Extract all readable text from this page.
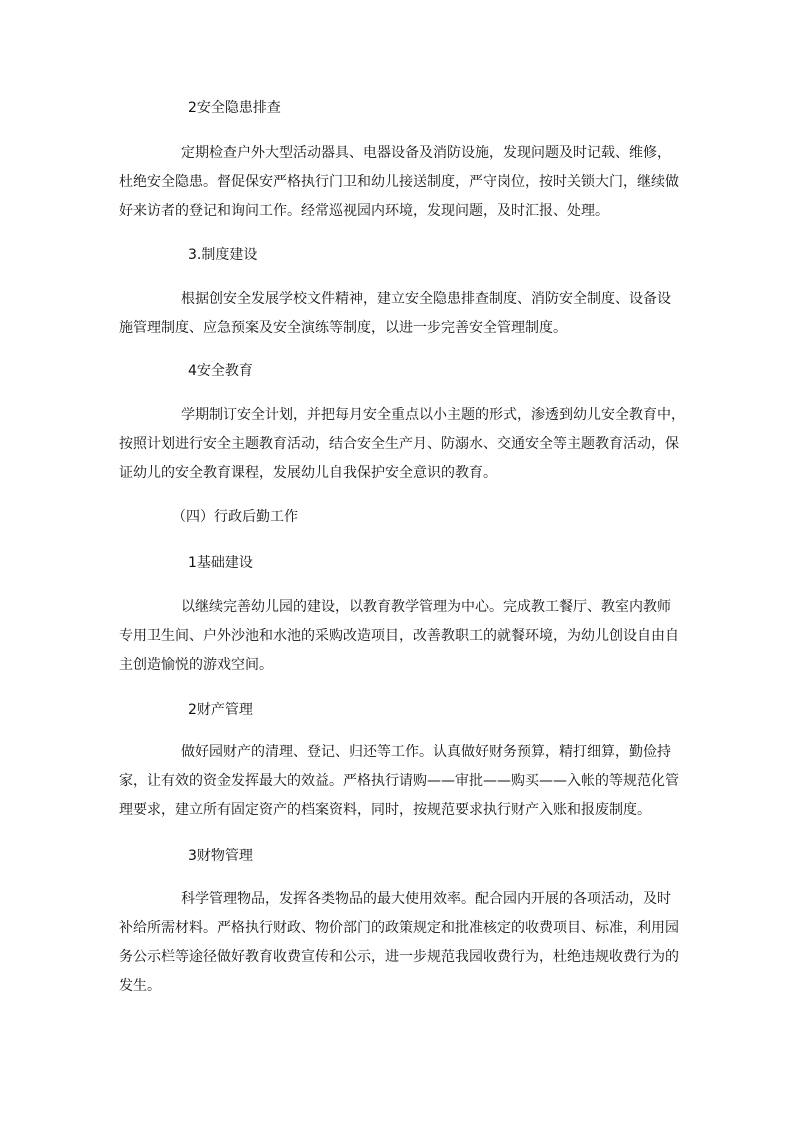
2安全隐患排查

定期检查户外大型活动器具、电器设备及消防设施，发现问题及时记载、维修，
杜绝安全隐患。督促保安严格执行门卫和幼儿接送制度，严守岗位，按时关锁大门，继续做
好来访者的登记和询问工作。经常巡视园内环境，发现问题，及时汇报、处理。

3.制度建设

根据创安全发展学校文件精神，建立安全隐患排查制度、消防安全制度、设备设
施管理制度、应急预案及安全演练等制度，以进一步完善安全管理制度。

4安全教育

学期制订安全计划，并把每月安全重点以小主题的形式，渗透到幼儿安全教育中，
按照计划进行安全主题教育活动，结合安全生产月、防溺水、交通安全等主题教育活动，保
证幼儿的安全教育课程，发展幼儿自我保护安全意识的教育。

（四）行政后勤工作

1基础建设

以继续完善幼儿园的建设，以教育教学管理为中心。完成教工餐厅、教室内教师
专用卫生间、户外沙池和水池的采购改造项目，改善教职工的就餐环境，为幼儿创设自由自
主创造愉悦的游戏空间。

2财产管理

做好园财产的清理、登记、归还等工作。认真做好财务预算，精打细算，勤俭持
家，让有效的资金发挥最大的效益。严格执行请购——审批——购买——入帐的等规范化管
理要求，建立所有固定资产的档案资料，同时，按规范要求执行财产入账和报废制度。

3财物管理

科学管理物品，发挥各类物品的最大使用效率。配合园内开展的各项活动，及时
补给所需材料。严格执行财政、物价部门的政策规定和批准核定的收费项目、标准，利用园
务公示栏等途径做好教育收费宣传和公示，进一步规范我园收费行为，杜绝违规收费行为的
发生。
